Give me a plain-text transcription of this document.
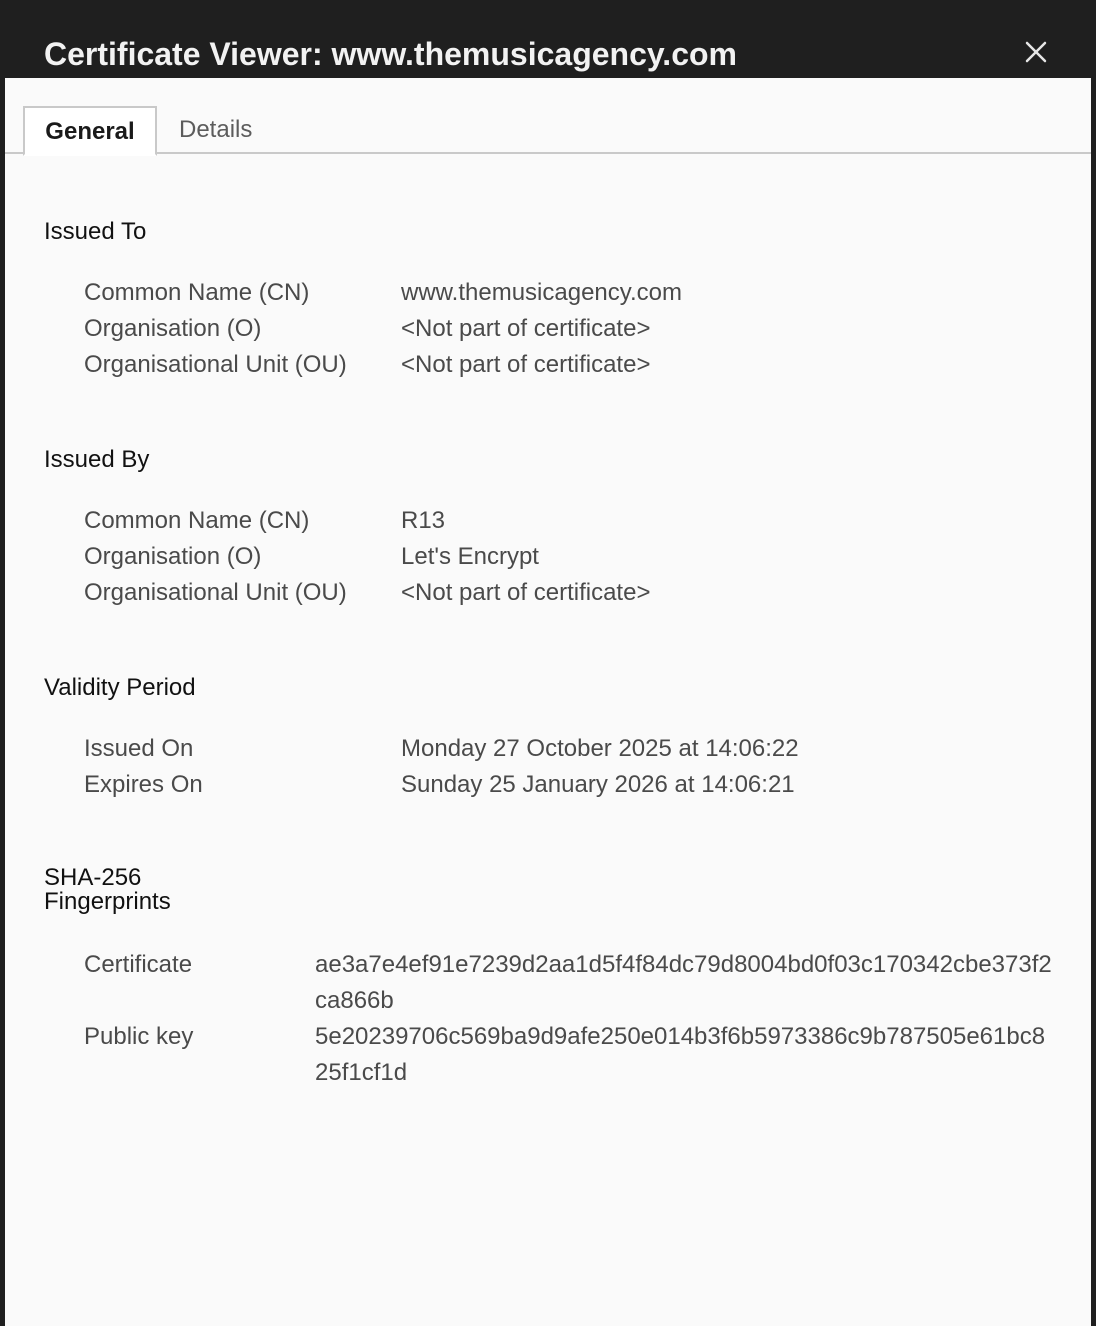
Certificate Viewer: www.themusicagency.com
General	Details
Issued To
Common Name (CN)	www.themusicagency.com
Organisation (O)	<Not part of certificate>
Organisational Unit (OU) <Not part of certificate>
Issued By
Common Name (CN)	R13
Organisation (O)	Let's Encrypt
Organisational Unit (OU) <Not part of certificate>
Validity Period
Issued On	Monday 27 October 2025 at 14:06:22
Expires On	Sunday 25 January 2026 at 14:06:21
SHA-256 Fingerprints
Certificate	ae3a7e4ef91e7239d2aa1d5f4f84dc79d8004bd0f03c170342cbe373f2ca866b
Public key	5e20239706c569ba9d9afe250e014b3f6b5973386c9b787505e61bc825f1cf1d
